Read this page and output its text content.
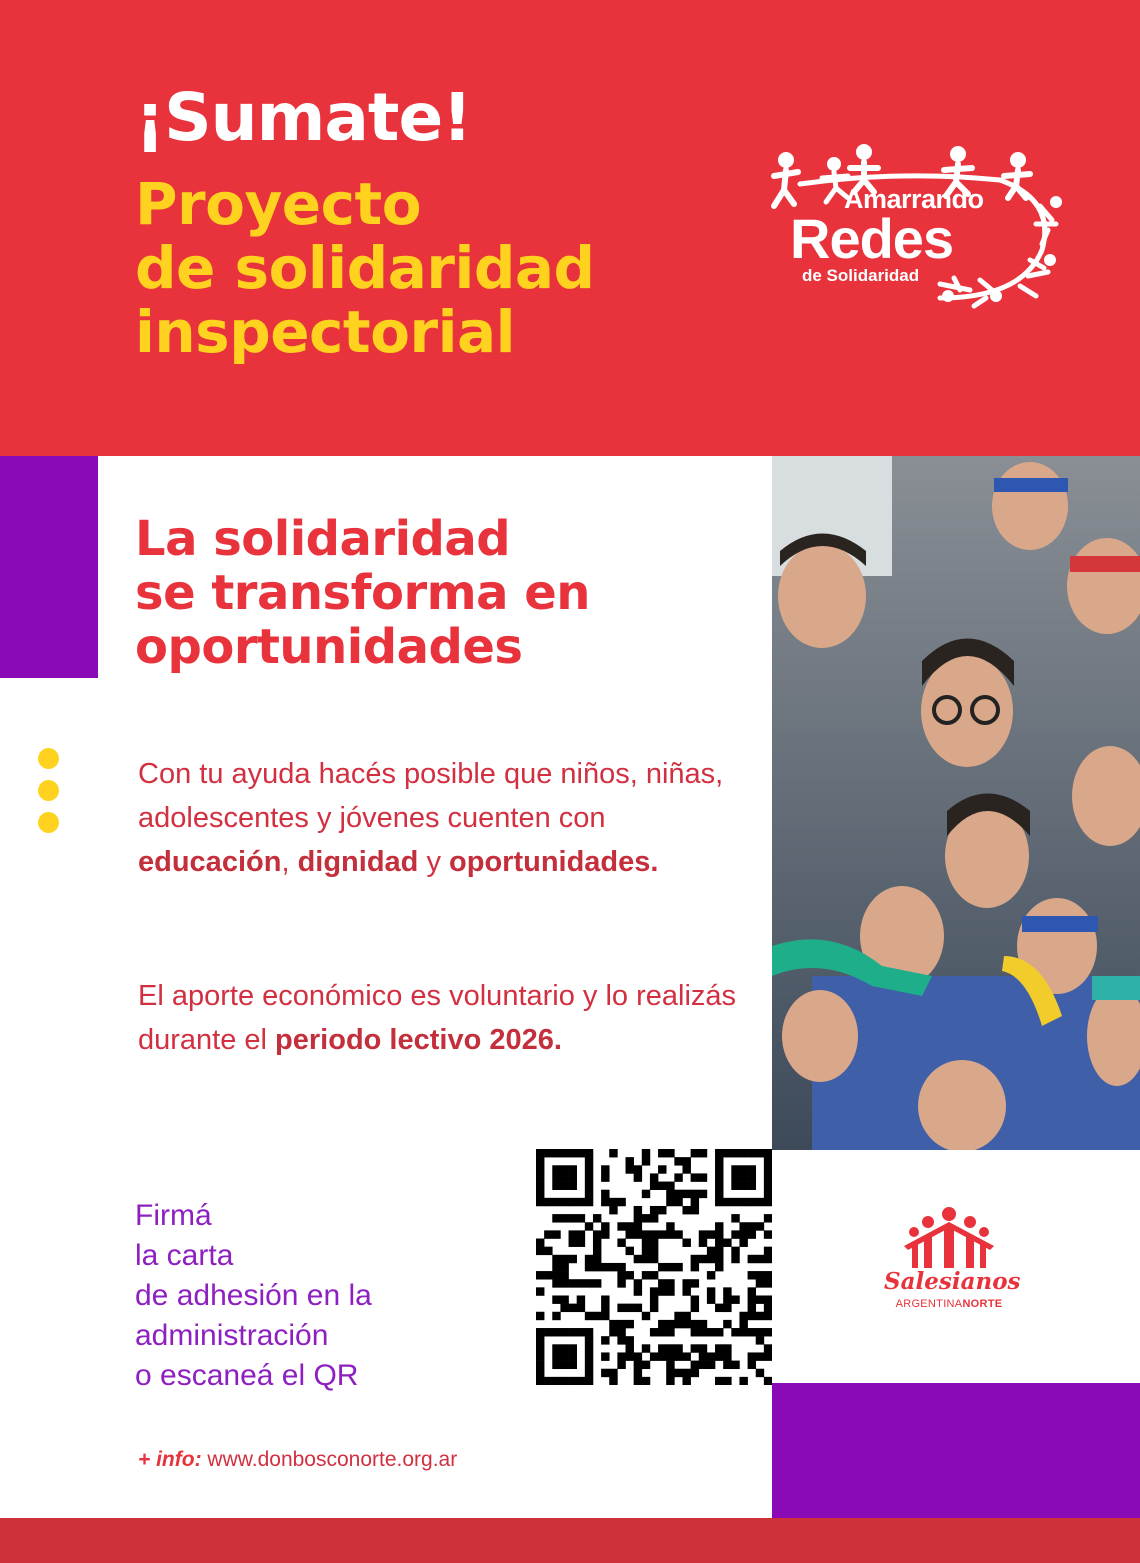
¡Sumate!
Proyecto
de solidaridad
inspectorial
Amarrando
Redes
de Solidaridad
La solidaridad
se transforma en
oportunidades

Con tu ayuda hacés posible que niños, niñas, adolescentes y jóvenes cuenten con educación, dignidad y oportunidades.

El aporte económico es voluntario y lo realizás durante el periodo lectivo 2026.

Firmá
la carta
de adhesión en la
administración
o escaneá el QR
Salesianos
ARGENTINANORTE
+ info: www.donbosconorte.org.ar
